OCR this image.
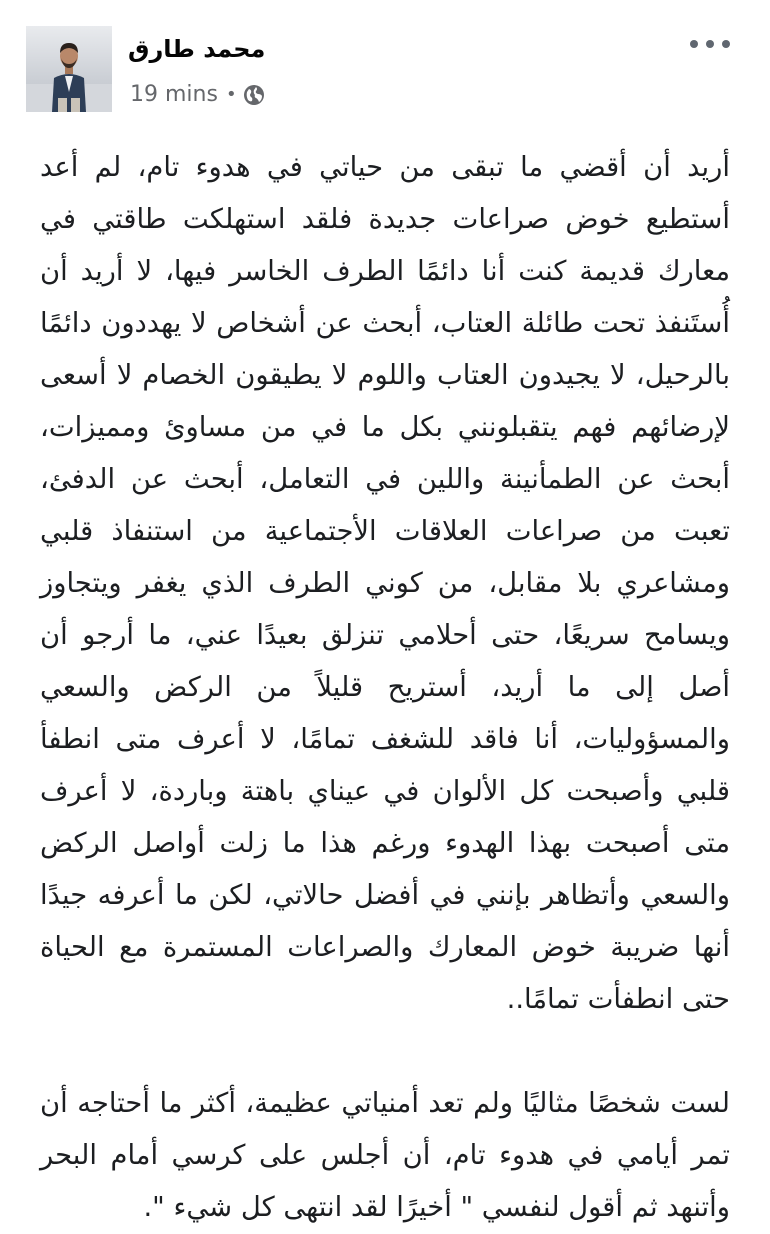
محمد طارق
19 mins •

أريد أن أقضي ما تبقى من حياتي في هدوء تام، لم أعد أستطيع خوض صراعات جديدة فلقد استهلكت طاقتي في معارك قديمة كنت أنا دائمًا الطرف الخاسر فيها، لا أريد أن أُستَنفذ تحت طائلة العتاب، أبحث عن أشخاص لا يهددون دائمًا بالرحيل، لا يجيدون العتاب واللوم لا يطيقون الخصام لا أسعى لإرضائهم فهم يتقبلونني بكل ما في من مساوئ ومميزات، أبحث عن الطمأنينة واللين في التعامل، أبحث عن الدفئ، تعبت من صراعات العلاقات الأجتماعية من استنفاذ قلبي ومشاعري بلا مقابل، من كوني الطرف الذي يغفر ويتجاوز ويسامح سريعًا، حتى أحلامي تنزلق بعيدًا عني، ما أرجو أن أصل إلى ما أريد، أستريح قليلاً من الركض والسعي والمسؤوليات، أنا فاقد للشغف تمامًا، لا أعرف متى انطفأ قلبي وأصبحت كل الألوان في عيناي باهتة وباردة، لا أعرف متى أصبحت بهذا الهدوء ورغم هذا ما زلت أواصل الركض والسعي وأتظاهر بإنني في أفضل حالاتي، لكن ما أعرفه جيدًا أنها ضريبة خوض المعارك والصراعات المستمرة مع الحياة حتى انطفأت تمامًا..

لست شخصًا مثاليًا ولم تعد أمنياتي عظيمة، أكثر ما أحتاجه أن تمر أيامي في هدوء تام، أن أجلس على كرسي أمام البحر وأتنهد ثم أقول لنفسي " أخيرًا لقد انتهى كل شيء ".
